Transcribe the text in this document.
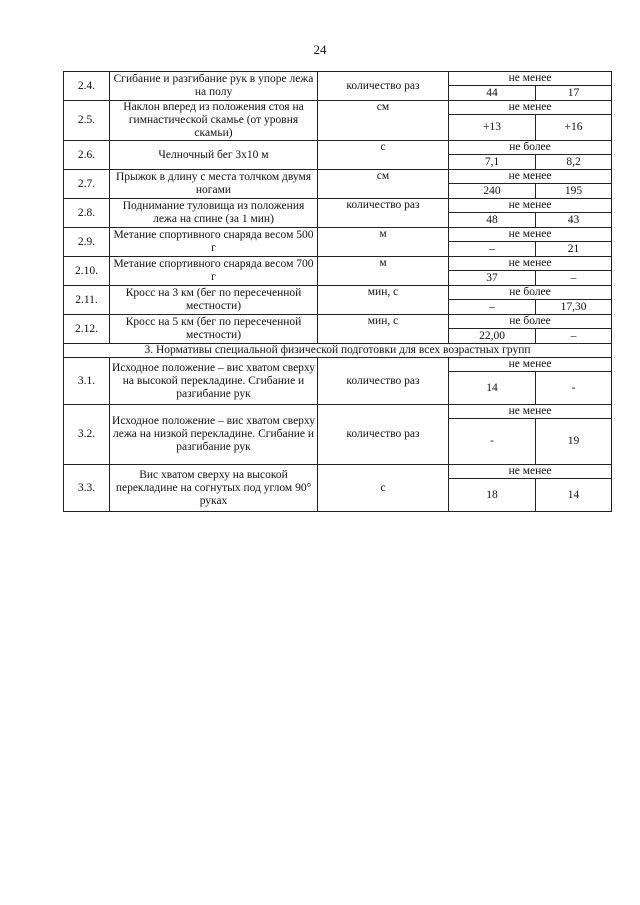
24
2.4.	Сгибание и разгибание рук в упоре лежа на полу	количество раз	не менее	
			44	17
2.5.	Наклон вперед из положения стоя на гимнастической скамье (от уровня скамьи)	см	не менее	
			+13	+16
2.6.	Челночный бег 3х10 м	с	не более	
			7,1	8,2
2.7.	Прыжок в длину с места толчком двумя ногами	см	не менее	
			240	195
2.8.	Поднимание туловища из положения лежа на спине (за 1 мин)	количество раз	не менее	
			48	43
2.9.	Метание спортивного снаряда весом 500 г	м	не менее	
			–	21
2.10.	Метание спортивного снаряда весом 700 г	м	не менее	
			37	–
2.11.	Кросс на 3 км (бег по пересеченной местности)	мин, с	не более	
			–	17,30
2.12.	Кросс на 5 км (бег по пересеченной местности)	мин, с	не более	
			22,00	–
3. Нормативы специальной физической подготовки для всех возрастных групп				
3.1.	Исходное положение – вис хватом сверху на высокой перекладине. Сгибание и разгибание рук	количество раз	не менее	
			14	-
3.2.	Исходное положение – вис хватом сверху лежа на низкой перекладине. Сгибание и разгибание рук	количество раз	не менее	
			-	19
3.3.	Вис хватом сверху на высокой перекладине на согнутых под углом 90° руках	с	не менее	
			18	14
